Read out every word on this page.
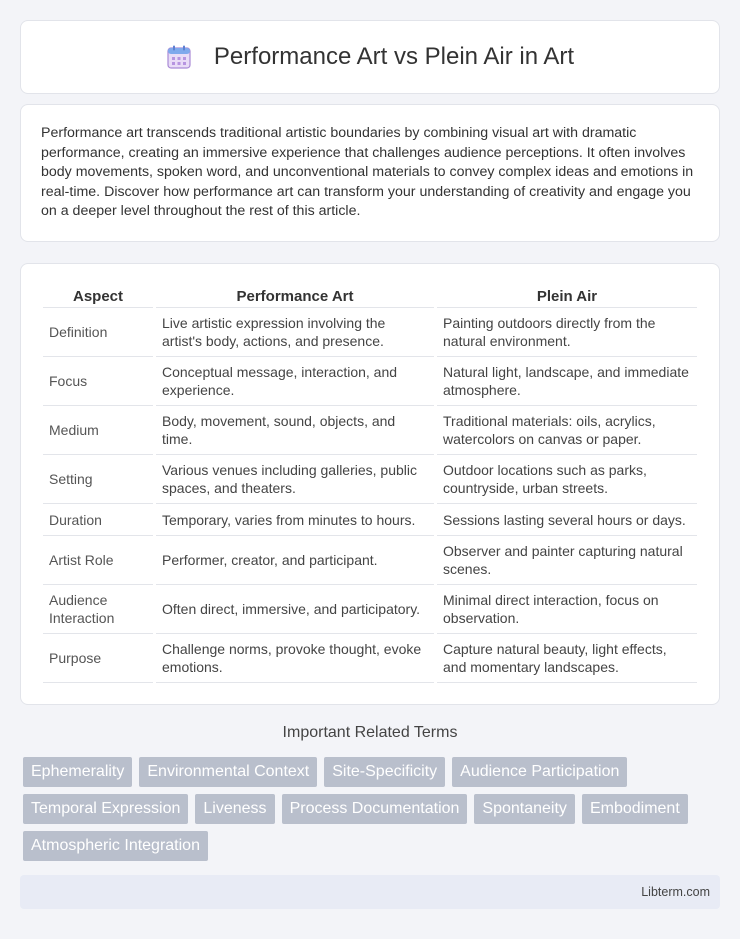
Performance Art vs Plein Air in Art

Performance art transcends traditional artistic boundaries by combining visual art with dramatic performance, creating an immersive experience that challenges audience perceptions. It often involves body movements, spoken word, and unconventional materials to convey complex ideas and emotions in real-time. Discover how performance art can transform your understanding of creativity and engage you on a deeper level throughout the rest of this article.

Aspect		Performance Art		Plein Air
Definition		Live artistic expression involving the artist's body, actions, and presence.		Painting outdoors directly from the natural environment.
Focus		Conceptual message, interaction, and experience.		Natural light, landscape, and immediate atmosphere.
Medium		Body, movement, sound, objects, and time.		Traditional materials: oils, acrylics, watercolors on canvas or paper.
Setting		Various venues including galleries, public spaces, and theaters.		Outdoor locations such as parks, countryside, urban streets.
Duration		Temporary, varies from minutes to hours.		Sessions lasting several hours or days.
Artist Role		Performer, creator, and participant.		Observer and painter capturing natural scenes.
Audience Interaction		Often direct, immersive, and participatory.		Minimal direct interaction, focus on observation.
Purpose		Challenge norms, provoke thought, evoke emotions.		Capture natural beauty, light effects, and momentary landscapes.
Important Related Terms
Ephemerality	Environmental Context	Site-Specificity	Audience Participation
Temporal Expression	Liveness	Process Documentation	Spontaneity	Embodiment
Atmospheric Integration
Libterm.com
